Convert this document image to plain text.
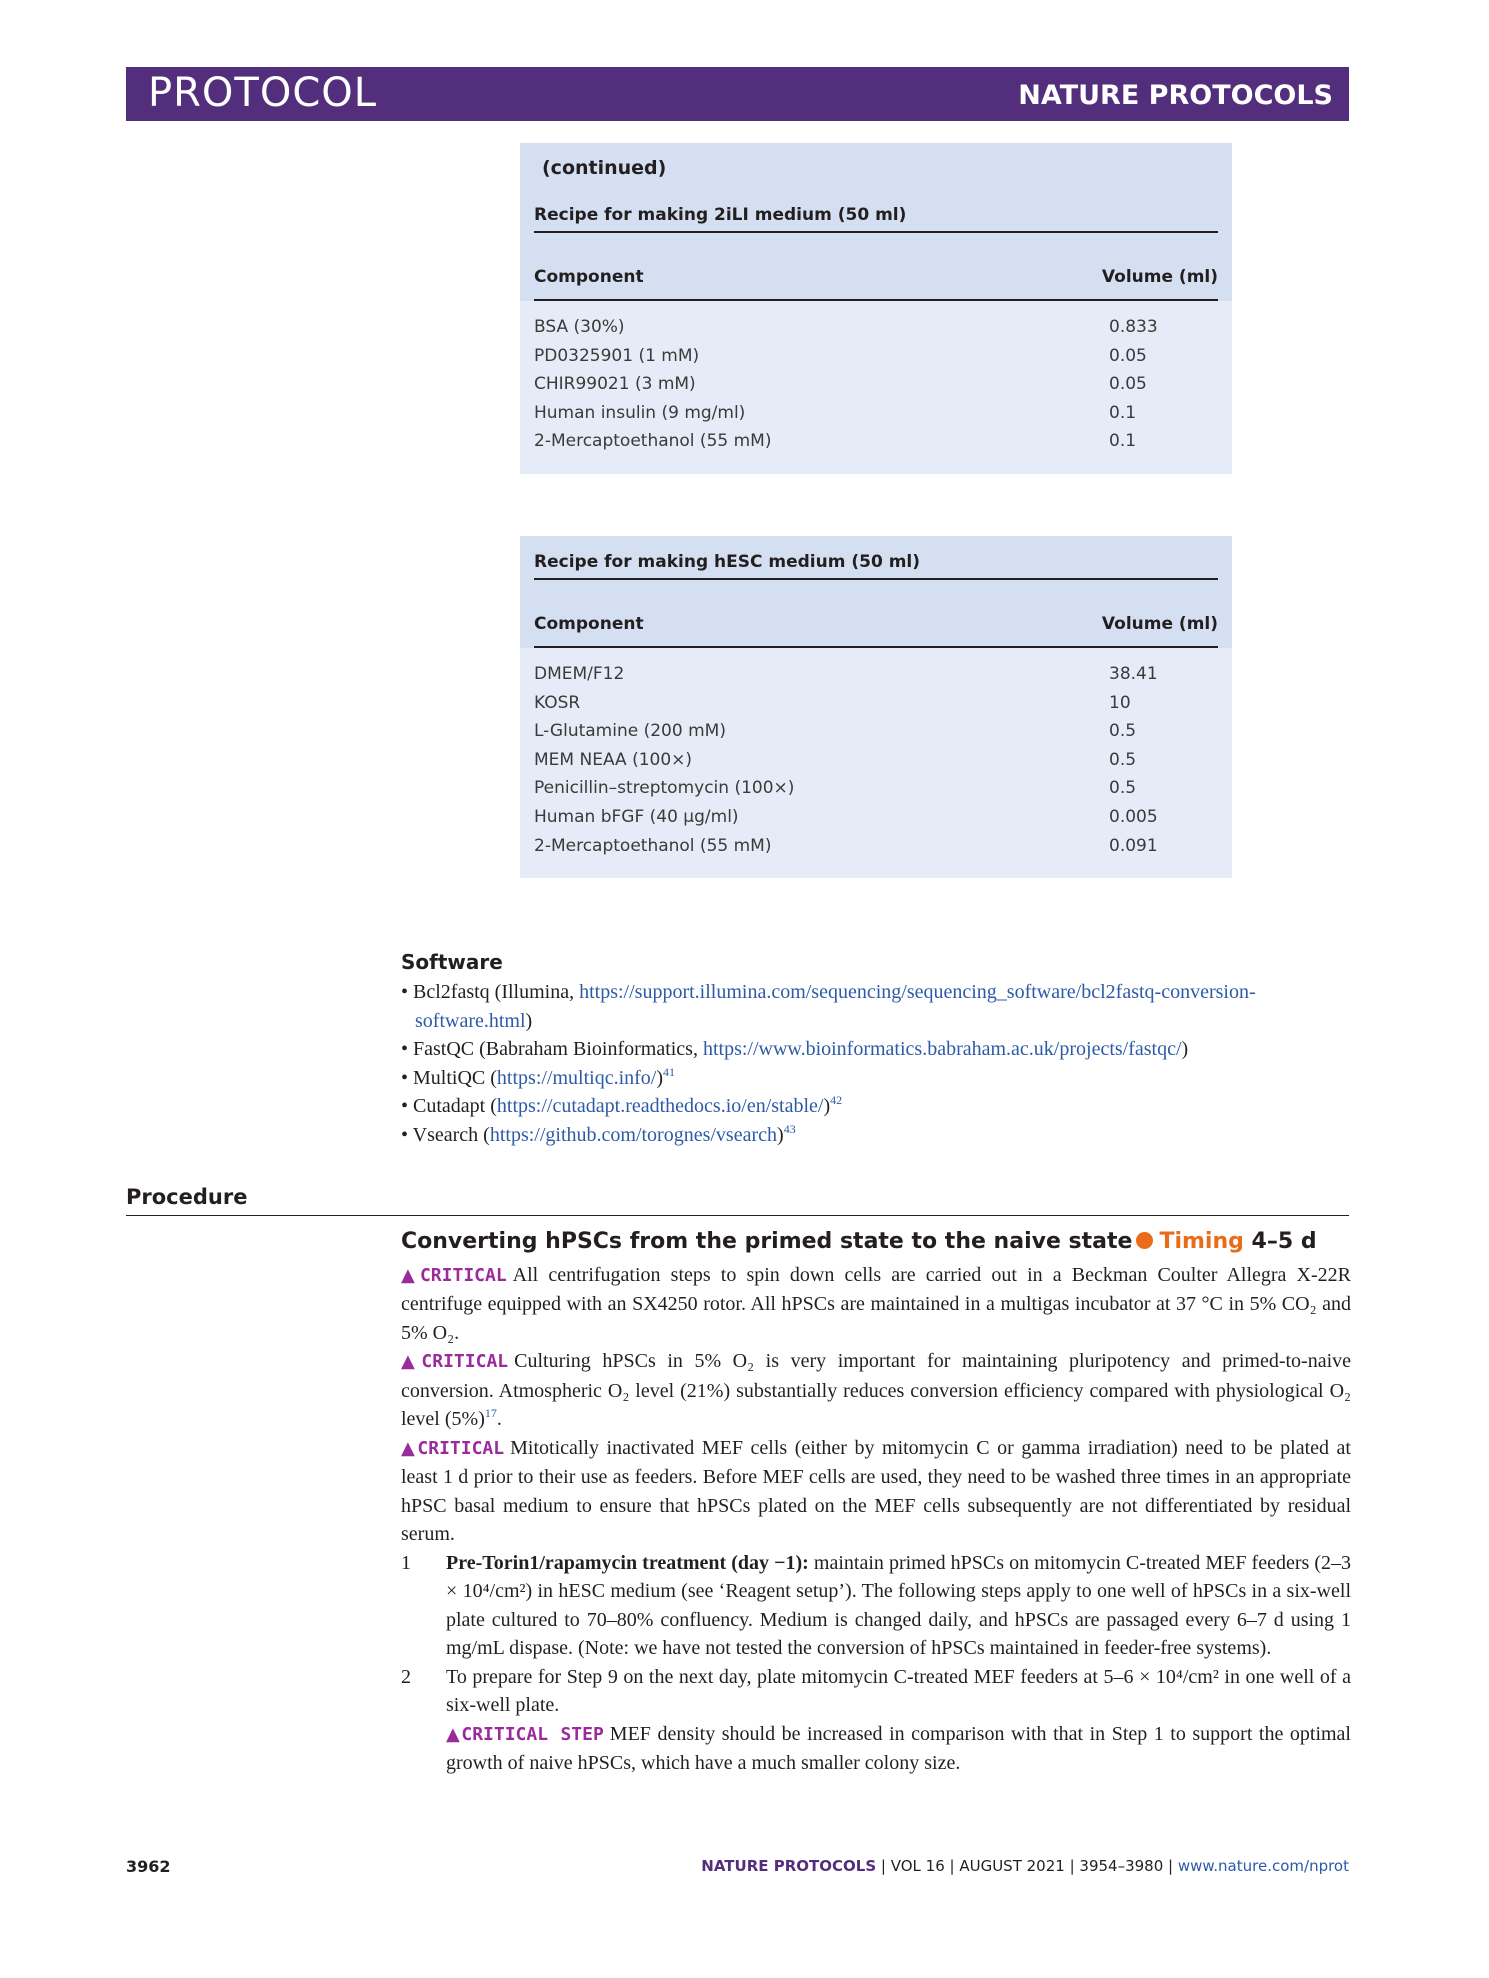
PROTOCOL	NATURE PROTOCOLS
(continued)
Recipe for making 2iLI medium (50 ml)
Component	Volume (ml)
BSA (30%)	0.833
PD0325901 (1 mM)	0.05
CHIR99021 (3 mM)	0.05
Human insulin (9 mg/ml)	0.1
2-Mercaptoethanol (55 mM)	0.1
Recipe for making hESC medium (50 ml)
Component	Volume (ml)
DMEM/F12	38.41
KOSR	10
L-Glutamine (200 mM)	0.5
MEM NEAA (100×)	0.5
Penicillin–streptomycin (100×)	0.5
Human bFGF (40 µg/ml)	0.005
2-Mercaptoethanol (55 mM)	0.091
Software
• Bcl2fastq (Illumina, https://support.illumina.com/sequencing/sequencing_software/bcl2fastq-conversion-software.html)
• FastQC (Babraham Bioinformatics, https://www.bioinformatics.babraham.ac.uk/projects/fastqc/)
• MultiQC (https://multiqc.info/)$^{41}$
• Cutadapt (https://cutadapt.readthedocs.io/en/stable/)$^{42}$
• Vsearch (https://github.com/torognes/vsearch)$^{43}$
Procedure
Converting hPSCs from the primed state to the naive state Timing 4–5 d

▲CRITICAL All centrifugation steps to spin down cells are carried out in a Beckman Coulter Allegra X-22R centrifuge equipped with an SX4250 rotor. All hPSCs are maintained in a multigas incubator at 37 °C in 5% CO₂ and 5% O₂.

▲CRITICAL Culturing hPSCs in 5% O₂ is very important for maintaining pluripotency and primed-to-naive conversion. Atmospheric O₂ level (21%) substantially reduces conversion efficiency compared with physiological O₂ level (5%)$^{17}$.

▲CRITICAL Mitotically inactivated MEF cells (either by mitomycin C or gamma irradiation) need to be plated at least 1 d prior to their use as feeders. Before MEF cells are used, they need to be washed three times in an appropriate hPSC basal medium to ensure that hPSCs plated on the MEF cells subsequently are not differentiated by residual serum.

1	Pre-Torin1/rapamycin treatment (day −1): maintain primed hPSCs on mitomycin C-treated MEF feeders (2–3 × 10⁴/cm²) in hESC medium (see ‘Reagent setup’). The following steps apply to one well of hPSCs in a six-well plate cultured to 70–80% confluency. Medium is changed daily, and hPSCs are passaged every 6–7 d using 1 mg/mL dispase. (Note: we have not tested the conversion of hPSCs maintained in feeder-free systems).
2	To prepare for Step 9 on the next day, plate mitomycin C-treated MEF feeders at 5–6 × 10⁴/cm² in one well of a six-well plate.
▲CRITICAL STEP MEF density should be increased in comparison with that in Step 1 to support the optimal growth of naive hPSCs, which have a much smaller colony size.
3962	NATURE PROTOCOLS | VOL 16 | AUGUST 2021 | 3954–3980 | www.nature.com/nprot
